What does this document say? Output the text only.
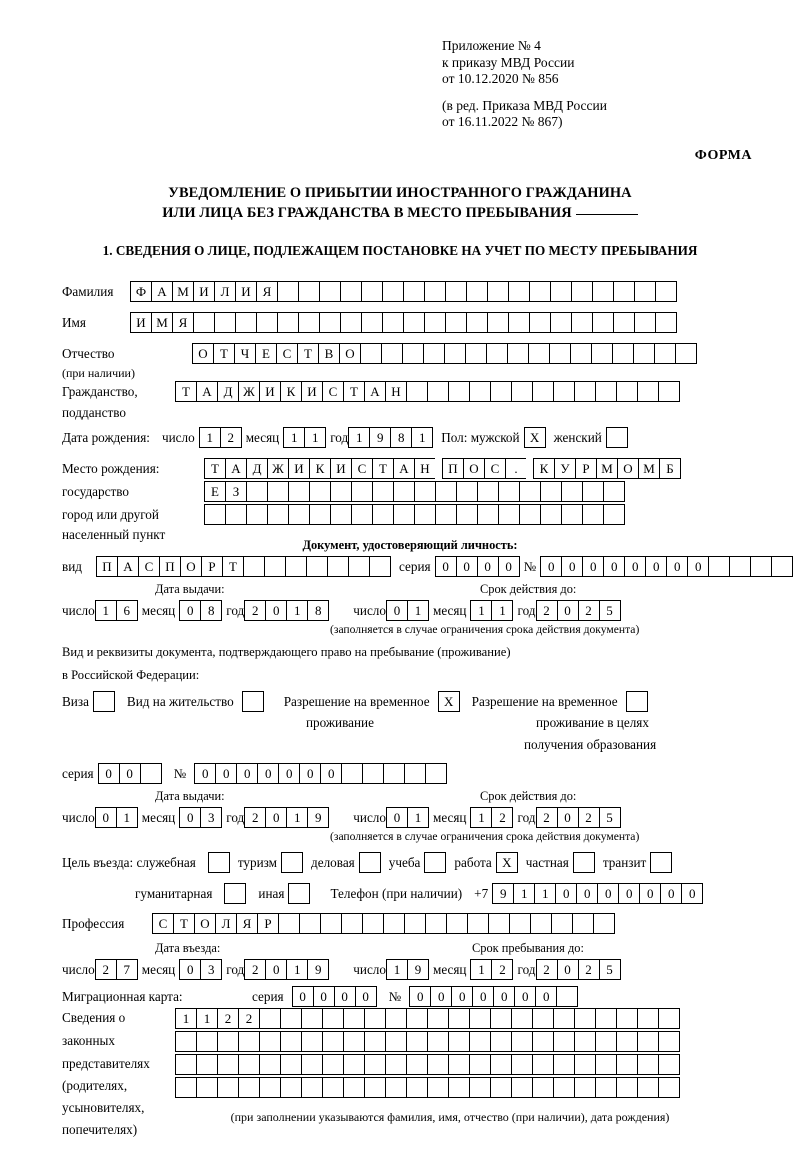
Приложение № 4
к приказу МВД России
от 10.12.2020 № 856
(в ред. Приказа МВД России
от 16.11.2022 № 867)
ФОРМА
УВЕДОМЛЕНИЕ О ПРИБЫТИИ ИНОСТРАННОГО ГРАЖДАНИНА
ИЛИ ЛИЦА БЕЗ ГРАЖДАНСТВА В МЕСТО ПРЕБЫВАНИЯ
1. СВЕДЕНИЯ О ЛИЦЕ, ПОДЛЕЖАЩЕМ ПОСТАНОВКЕ НА УЧЕТ ПО МЕСТУ ПРЕБЫВАНИЯ
Фамилия	Ф А М И Л И Я
Имя	И М Я
Отчество	О Т Ч Е С Т В О
(при наличии)
Гражданство,	Т А Д Ж И К И С Т А Н
подданство
Дата рождения: число 1	2 месяц 1	1 год 1	9	8	1	Пол: мужской X	женский
Место рождения:	Т А Д Ж И К И С Т А Н	П О С	.	К У Р М О М Б
государство	Е	З
город или другой
населенный пункт
Документ, удостоверяющий личность:
вид	П А С П О Р	Т	серия 0	0	0	0 № 0	0	0	0	0	0	0	0
Дата выдачи:	Срок действия до:
число 1	6 месяц 0	8 год 2	0	1	8	число 0	1 месяц 1	1 год 2	0	2	5
(заполняется в случае ограничения срока действия документа)
Вид и реквизиты документа, подтверждающего право на пребывание (проживание)
в Российской Федерации:
Виза	Вид на жительство	Разрешение на временное	X	Разрешение на временное
проживание	проживание в целях
получения образования
серия 0	0	№	0	0	0	0	0	0	0
Дата выдачи:	Срок действия до:
число 0	1 месяц 0	3 год 2	0	1	9	число 0	1 месяц 1	2 год 2	0	2	5
(заполняется в случае ограничения срока действия документа)
Цель въезда: служебная	туризм	деловая	учеба	работа X	частная	транзит
гуманитарная	иная	Телефон (при наличии) +7 9	1	1	0	0	0	0	0	0	0
Профессия	С Т О Л Я	Р
Дата въезда:	Срок пребывания до:
число 2	7 месяц 0	3 год 2	0	1	9	число 1	9 месяц 1	2 год 2	0	2	5
Миграционная карта:	серия	0	0	0	0	№	0	0	0	0	0	0	0
Сведения о
законных
представителях
(родителях,
усыновителях,
попечителях)
1	1	2	2
(при заполнении указываются фамилия, имя, отчество (при наличии), дата рождения)
